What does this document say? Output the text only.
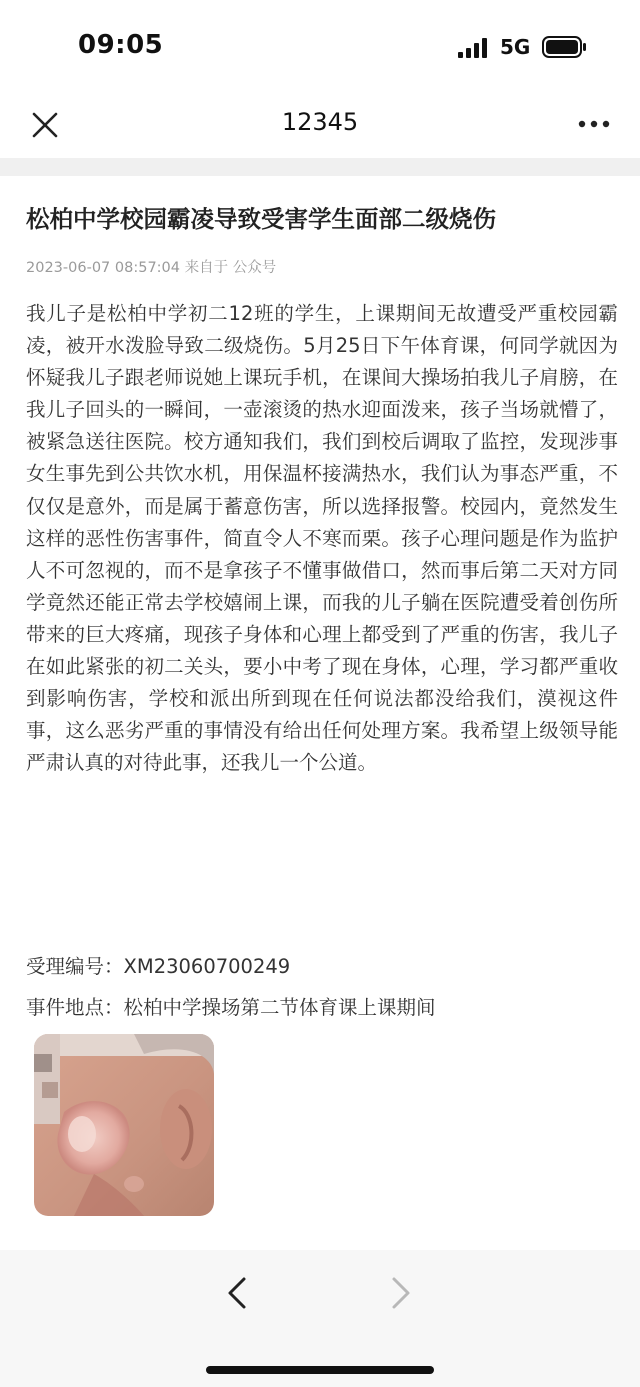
09:05	5G
12345
松柏中学校园霸凌导致受害学生面部二级烧伤
2023-06-07 08:57:04 来自于 公众号
我儿子是松柏中学初二12班的学生，上课期间无故遭受严重校园霸凌，被开水泼脸导致二级烧伤。5月25日下午体育课，何同学就因为怀疑我儿子跟老师说她上课玩手机，在课间大操场拍我儿子肩膀，在我儿子回头的一瞬间，一壶滚烫的热水迎面泼来，孩子当场就懵了，被紧急送往医院。校方通知我们，我们到校后调取了监控，发现涉事女生事先到公共饮水机，用保温杯接满热水，我们认为事态严重，不仅仅是意外，而是属于蓄意伤害，所以选择报警。校园内，竟然发生这样的恶性伤害事件，简直令人不寒而栗。孩子心理问题是作为监护人不可忽视的，而不是拿孩子不懂事做借口，然而事后第二天对方同学竟然还能正常去学校嬉闹上课，而我的儿子躺在医院遭受着创伤所带来的巨大疼痛，现孩子身体和心理上都受到了严重的伤害，我儿子在如此紧张的初二关头，要小中考了现在身体，心理，学习都严重收到影响伤害，学校和派出所到现在任何说法都没给我们，漠视这件事，这么恶劣严重的事情没有给出任何处理方案。我希望上级领导能严肃认真的对待此事，还我儿一个公道。
受理编号：XM23060700249
事件地点：松柏中学操场第二节体育课上课期间
